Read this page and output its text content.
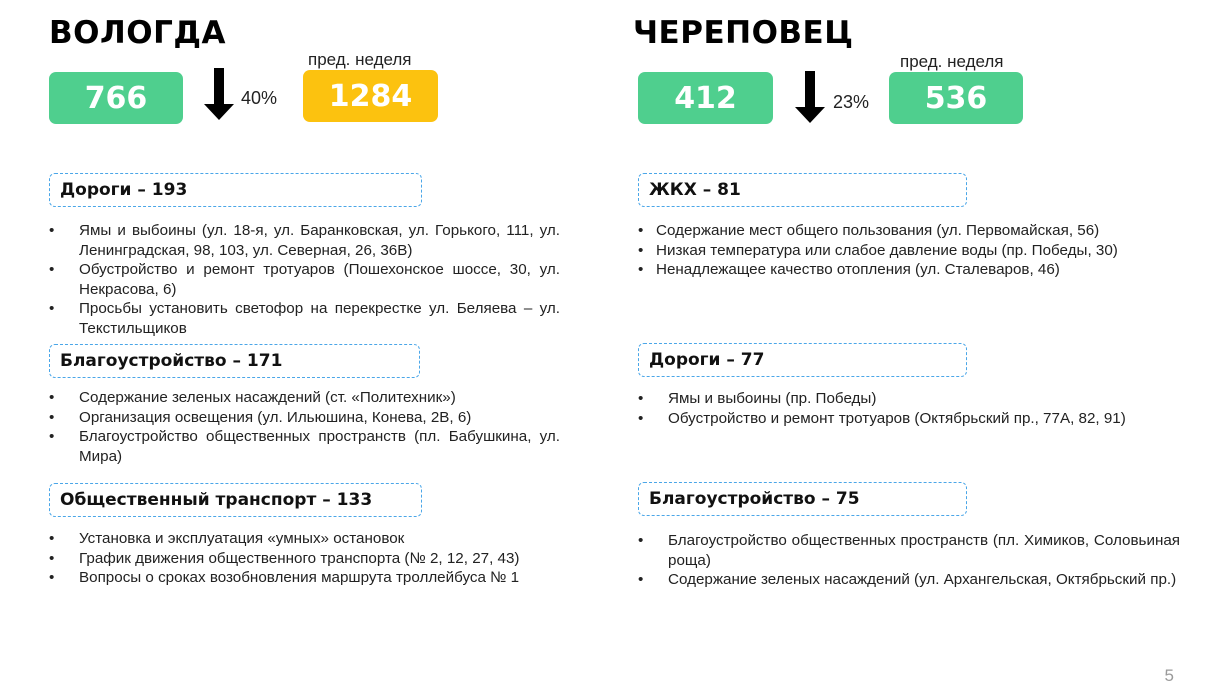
ВОЛОГДА
766	40%
пред. неделя
1284
Дороги – 193
• Ямы и выбоины (ул. 18-я, ул. Баранковская, ул. Горького, 111, ул. Ленинградская, 98, 103, ул. Северная, 26, 36В)
• Обустройство и ремонт тротуаров (Пошехонское шоссе, 30, ул. Некрасова, 6)
• Просьбы установить светофор на перекрестке ул. Беляева – ул. Текстильщиков
Благоустройство – 171
• Содержание зеленых насаждений (ст. «Политехник»)
• Организация освещения (ул. Ильюшина, Конева, 2В, 6)
• Благоустройство общественных пространств (пл. Бабушкина, ул. Мира)
Общественный транспорт – 133
• Установка и эксплуатация «умных» остановок
• График движения общественного транспорта (№ 2, 12, 27, 43)
• Вопросы о сроках возобновления маршрута троллейбуса № 1
ЧЕРЕПОВЕЦ
412	23%
пред. неделя
536
ЖКХ – 81
• Содержание мест общего пользования (ул. Первомайская, 56)
• Низкая температура или слабое давление воды (пр. Победы, 30)
• Ненадлежащее качество отопления (ул. Сталеваров, 46)
Дороги – 77
• Ямы и выбоины (пр. Победы)
• Обустройство и ремонт тротуаров (Октябрьский пр., 77А, 82, 91)
Благоустройство – 75
• Благоустройство общественных пространств (пл. Химиков, Соловьиная роща)
• Содержание зеленых насаждений (ул. Архангельская, Октябрьский пр.)
5
